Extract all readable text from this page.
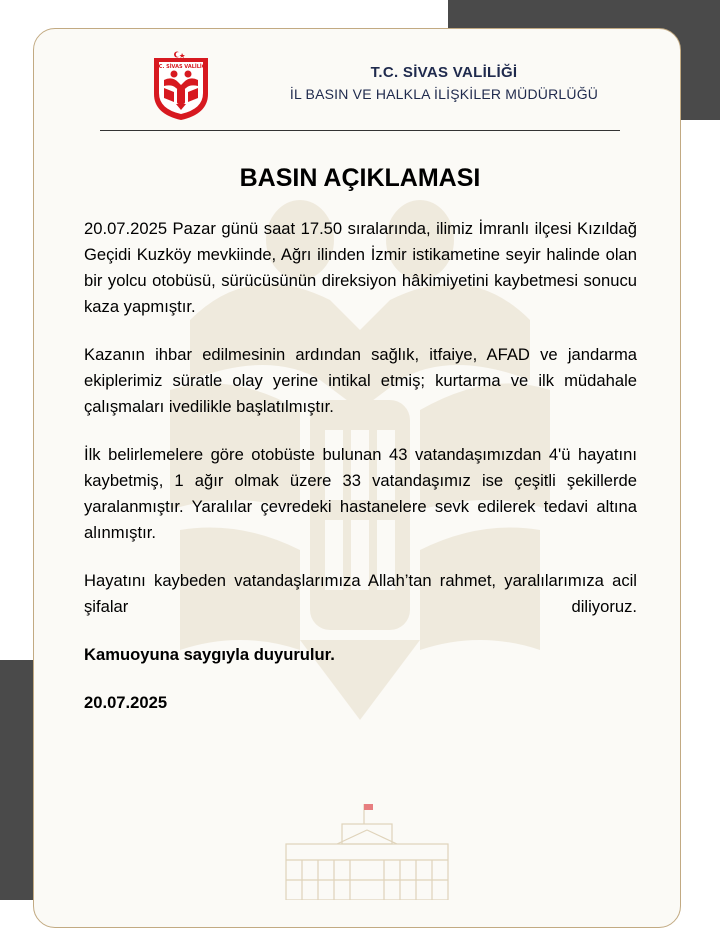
T.C. SİVAS VALİLİĞİ	T.C. SİVAS VALİLİĞİ
İL BASIN VE HALKLA İLİŞKİLER MÜDÜRLÜĞÜ
BASIN AÇIKLAMASI

20.07.2025 Pazar günü saat 17.50 sıralarında, ilimiz İmranlı ilçesi Kızıldağ Geçidi Kuzköy mevkiinde, Ağrı ilinden İzmir istikametine seyir halinde olan bir yolcu otobüsü, sürücüsünün direksiyon hâkimiyetini kaybetmesi sonucu kaza yapmıştır.

Kazanın ihbar edilmesinin ardından sağlık, itfaiye, AFAD ve jandarma ekiplerimiz süratle olay yerine intikal etmiş; kurtarma ve ilk müdahale çalışmaları ivedilikle başlatılmıştır.

İlk belirlemelere göre otobüste bulunan 43 vatandaşımızdan 4'ü hayatını kaybetmiş, 1 ağır olmak üzere 33 vatandaşımız ise çeşitli şekillerde yaralanmıştır. Yaralılar çevredeki hastanelere sevk edilerek tedavi altına alınmıştır.

Hayatını kaybeden vatandaşlarımıza Allah’tan rahmet, yaralılarımıza acil şifalar diliyoruz.

Kamuoyuna saygıyla duyurulur.

20.07.2025
